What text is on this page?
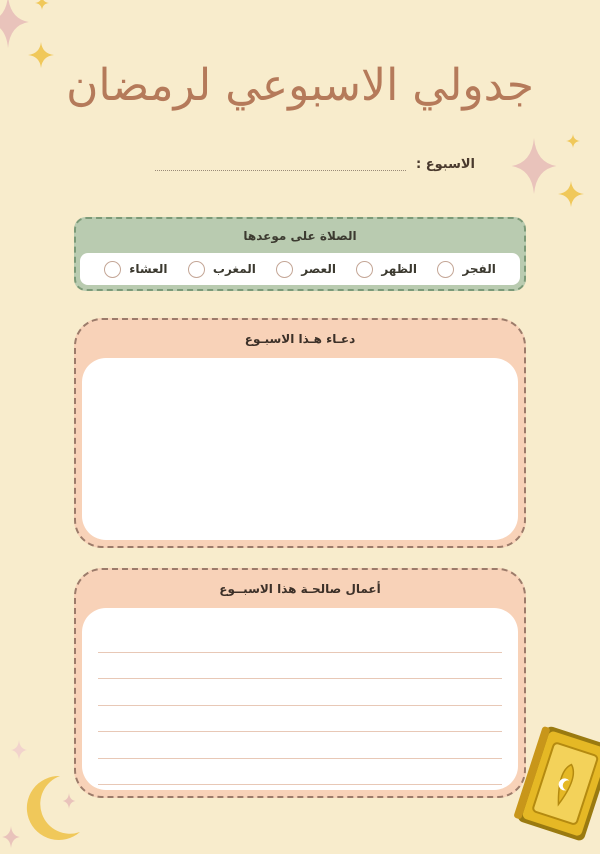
جدولي الاسبوعي لرمضان
الاسبوع :
الصلاة على موعدها
الفجر
الظهر
العصر
المغرب
العشاء
دعـاء هـذا الاسبـوع
أعمال صالحـة هذا الاسبــوع
